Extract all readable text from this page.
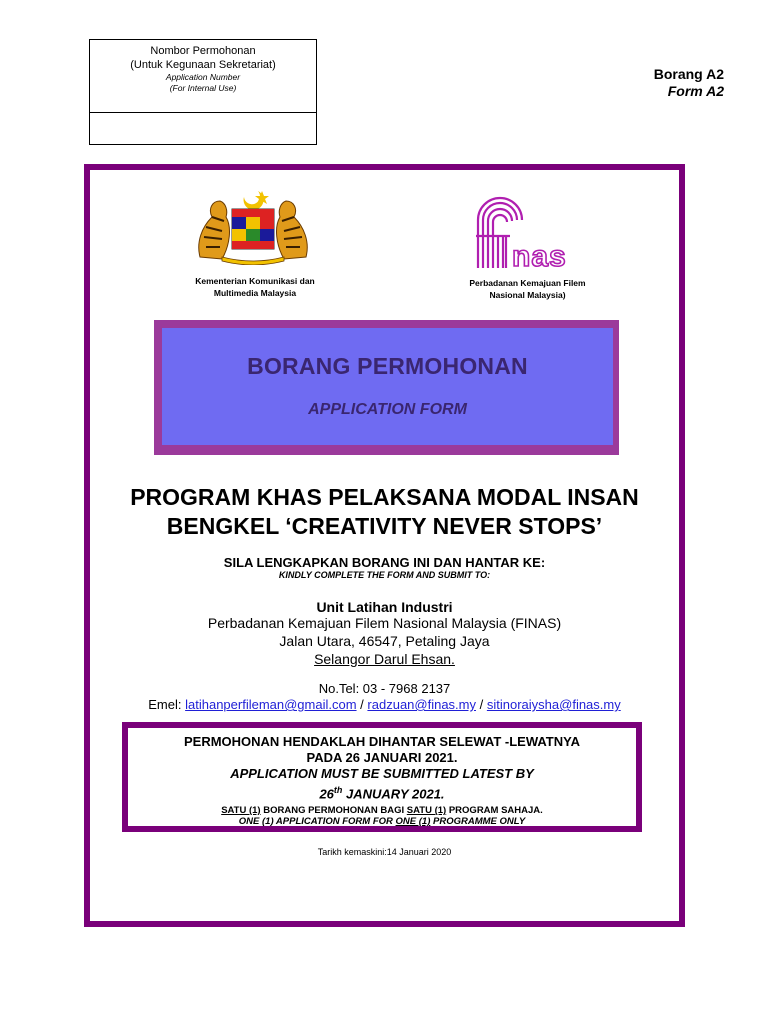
Nombor Permohonan
(Untuk Kegunaan Sekretariat)
Application Number
(For Internal Use)
Borang A2
Form A2
Kementerian Komunikasi dan
Multimedia Malaysia
nas
Perbadanan Kemajuan Filem
Nasional Malaysia)
BORANG PERMOHONAN
APPLICATION FORM
PROGRAM KHAS PELAKSANA MODAL INSAN
BENGKEL ‘CREATIVITY NEVER STOPS’
SILA LENGKAPKAN BORANG INI DAN HANTAR KE:
KINDLY COMPLETE THE FORM AND SUBMIT TO:
Unit Latihan Industri
Perbadanan Kemajuan Filem Nasional Malaysia (FINAS)
Jalan Utara, 46547, Petaling Jaya
Selangor Darul Ehsan.
No.Tel: 03 - 7968 2137
Emel: latihanperfileman@gmail.com / radzuan@finas.my / sitinoraiysha@finas.my
PERMOHONAN HENDAKLAH DIHANTAR SELEWAT -LEWATNYA
PADA 26 JANUARI 2021.
APPLICATION MUST BE SUBMITTED LATEST BY
26th JANUARY 2021.
SATU (1) BORANG PERMOHONAN BAGI SATU (1) PROGRAM SAHAJA.
ONE (1) APPLICATION FORM FOR ONE (1) PROGRAMME ONLY
Tarikh kemaskini:14 Januari 2020
